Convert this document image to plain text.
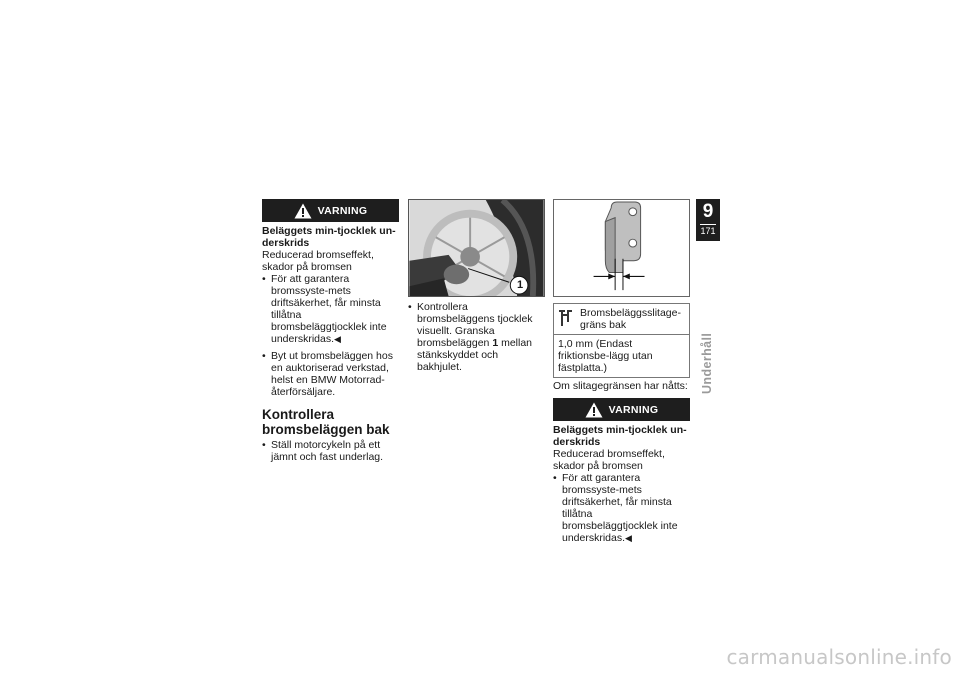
VARNING
Beläggets min-tjocklek un-derskrids
Reducerad bromseffekt, skador på bromsen
• För att garantera bromssyste-mets driftsäkerhet, får minsta tillåtna bromsbeläggtjocklek inte underskridas.◀
• Byt ut bromsbeläggen hos en auktoriserad verkstad, helst en BMW Motorrad-återförsäljare.
Kontrollera bromsbeläggen bak
• Ställ motorcykeln på ett jämnt och fast underlag.
1
• Kontrollera bromsbeläggens tjocklek visuellt. Granska bromsbeläggen 1 mellan stänkskyddet och bakhjulet.
Bromsbeläggsslitage-gräns bak
1,0 mm (Endast friktionsbe-lägg utan fästplatta.)
Om slitagegränsen har nåtts:
VARNING
Beläggets min-tjocklek un-derskrids
Reducerad bromseffekt, skador på bromsen
• För att garantera bromssyste-mets driftsäkerhet, får minsta tillåtna bromsbeläggtjocklek inte underskridas.◀
9
171
Underhåll
carmanualsonline.info
